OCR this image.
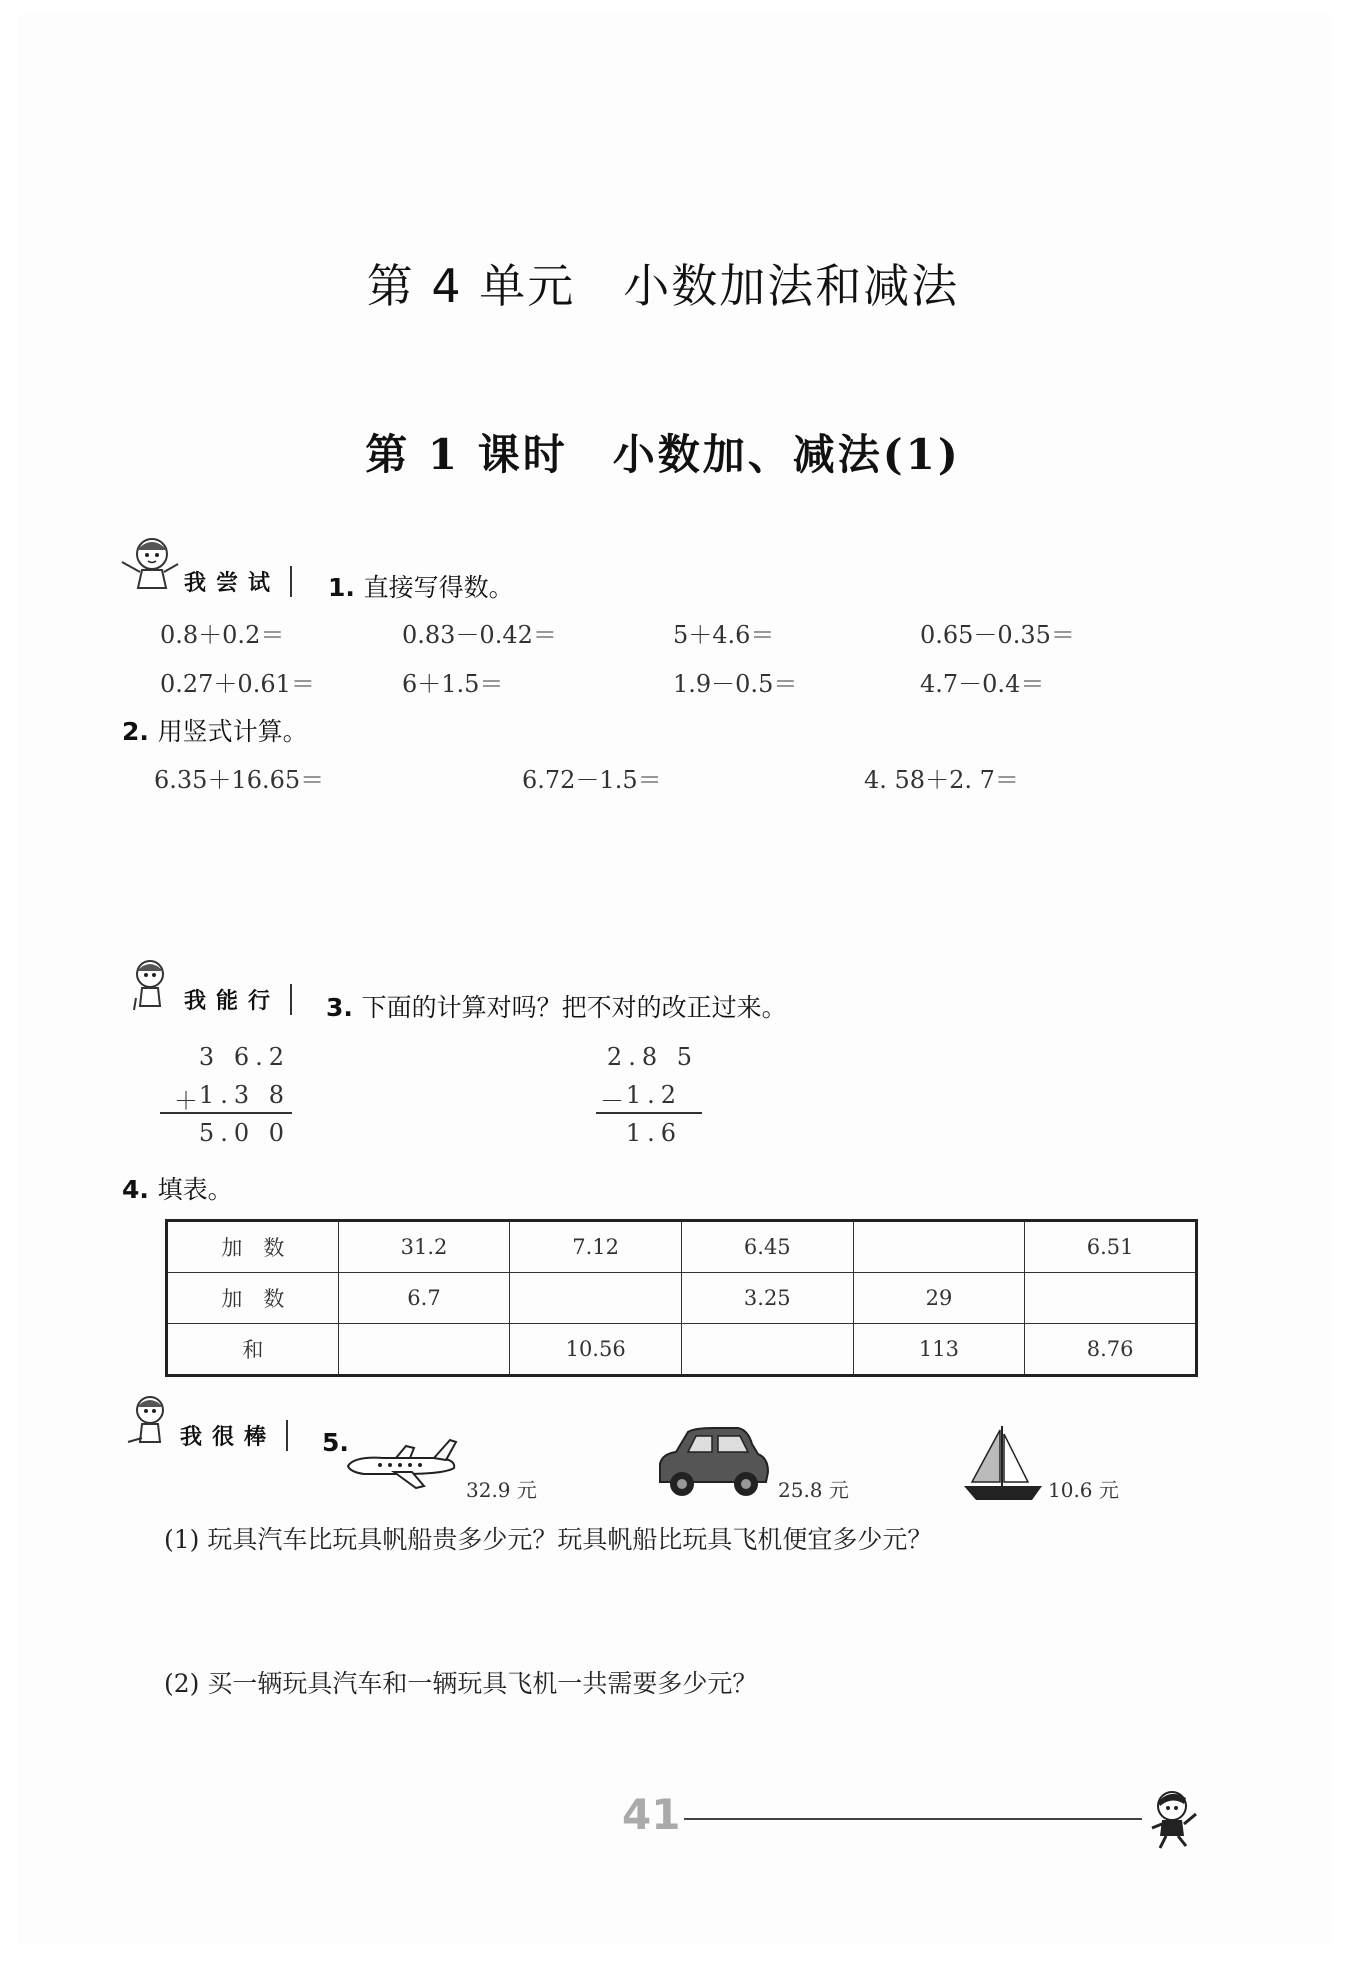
第 4 单元　小数加法和减法
第 1 课时　小数加、减法(1)
我尝试	1. 直接写得数。
0.8＋0.2＝	0.83－0.42＝	5＋4.6＝	0.65－0.35＝
0.27＋0.61＝	6＋1.5＝	1.9－0.5＝	4.7－0.4＝
2. 用竖式计算。
6.35＋16.65＝	6.72－1.5＝	4. 58＋2. 7＝
我能行	3. 下面的计算对吗？把不对的改正过来。
3 6.2
＋
1.3 8
5.0 0
2.8 5
－
1.2
1.6
4. 填表。
加　数	31.2	7.12	6.45		6.51
加　数	6.7		3.25	29	
和		10.56		113	8.76
我很棒	5.
32.9 元	25.8 元	10.6 元
(1) 玩具汽车比玩具帆船贵多少元？玩具帆船比玩具飞机便宜多少元？
(2) 买一辆玩具汽车和一辆玩具飞机一共需要多少元？
41
